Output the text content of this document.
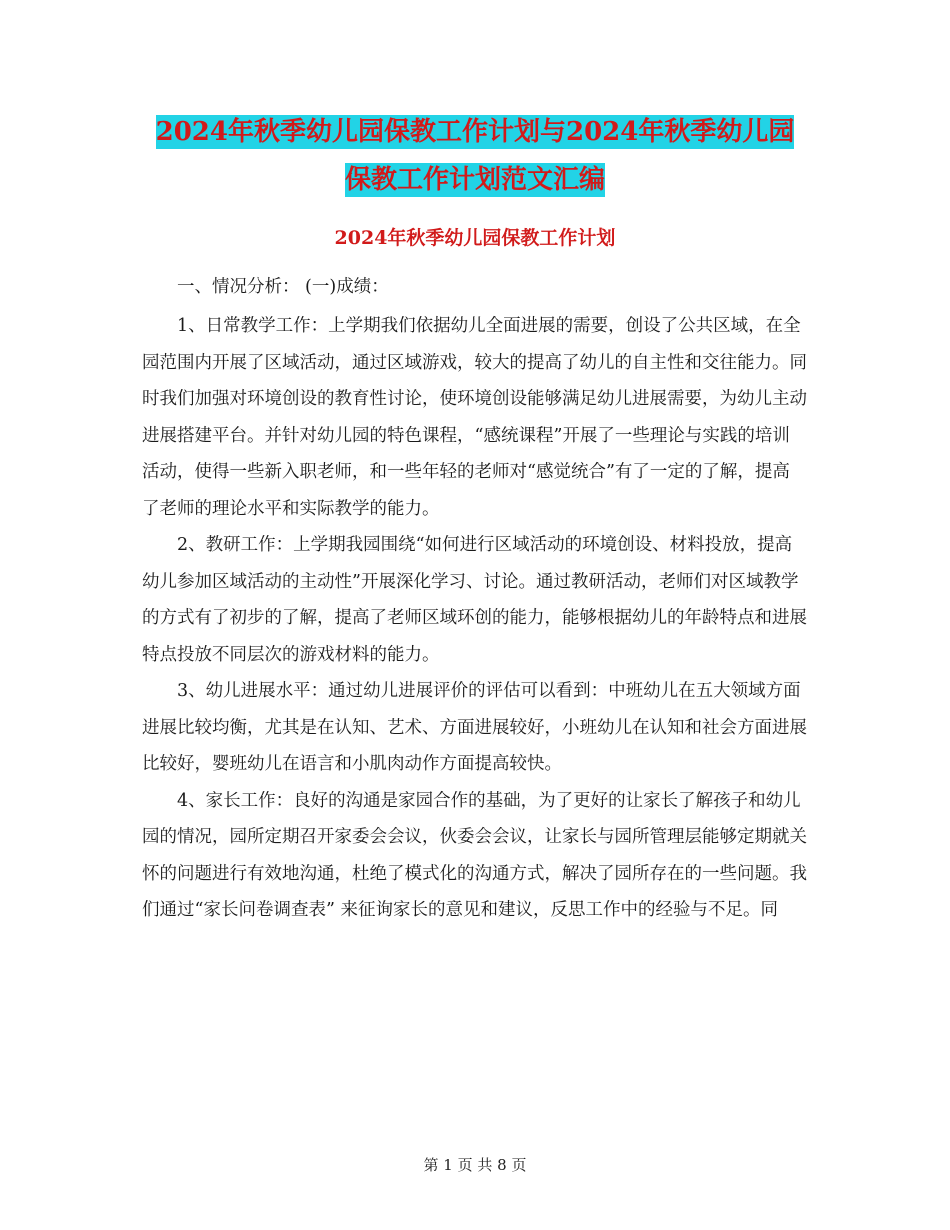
2024年秋季幼儿园保教工作计划与2024年秋季幼儿园
保教工作计划范文汇编
2024年秋季幼儿园保教工作计划

一、情况分析： (一)成绩：

1、日常教学工作：上学期我们依据幼儿全面进展的需要，创设了公共区域，在全园范围内开展了区域活动，通过区域游戏，较大的提高了幼儿的自主性和交往能力。同时我们加强对环境创设的教育性讨论，使环境创设能够满足幼儿进展需要，为幼儿主动进展搭建平台。并针对幼儿园的特色课程，“感统课程”开展了一些理论与实践的培训活动，使得一些新入职老师，和一些年轻的老师对“感觉统合”有了一定的了解，提高了老师的理论水平和实际教学的能力。

2、教研工作：上学期我园围绕“如何进行区域活动的环境创设、材料投放，提高幼儿参加区域活动的主动性”开展深化学习、讨论。通过教研活动，老师们对区域教学的方式有了初步的了解，提高了老师区域环创的能力，能够根据幼儿的年龄特点和进展特点投放不同层次的游戏材料的能力。

3、幼儿进展水平：通过幼儿进展评价的评估可以看到：中班幼儿在五大领域方面进展比较均衡，尤其是在认知、艺术、方面进展较好，小班幼儿在认知和社会方面进展比较好，婴班幼儿在语言和小肌肉动作方面提高较快。

4、家长工作：良好的沟通是家园合作的基础，为了更好的让家长了解孩子和幼儿园的情况，园所定期召开家委会会议，伙委会会议，让家长与园所管理层能够定期就关怀的问题进行有效地沟通，杜绝了模式化的沟通方式，解决了园所存在的一些问题。我们通过“家长问卷调查表” 来征询家长的意见和建议，反思工作中的经验与不足。同

第 1 页 共 8 页
